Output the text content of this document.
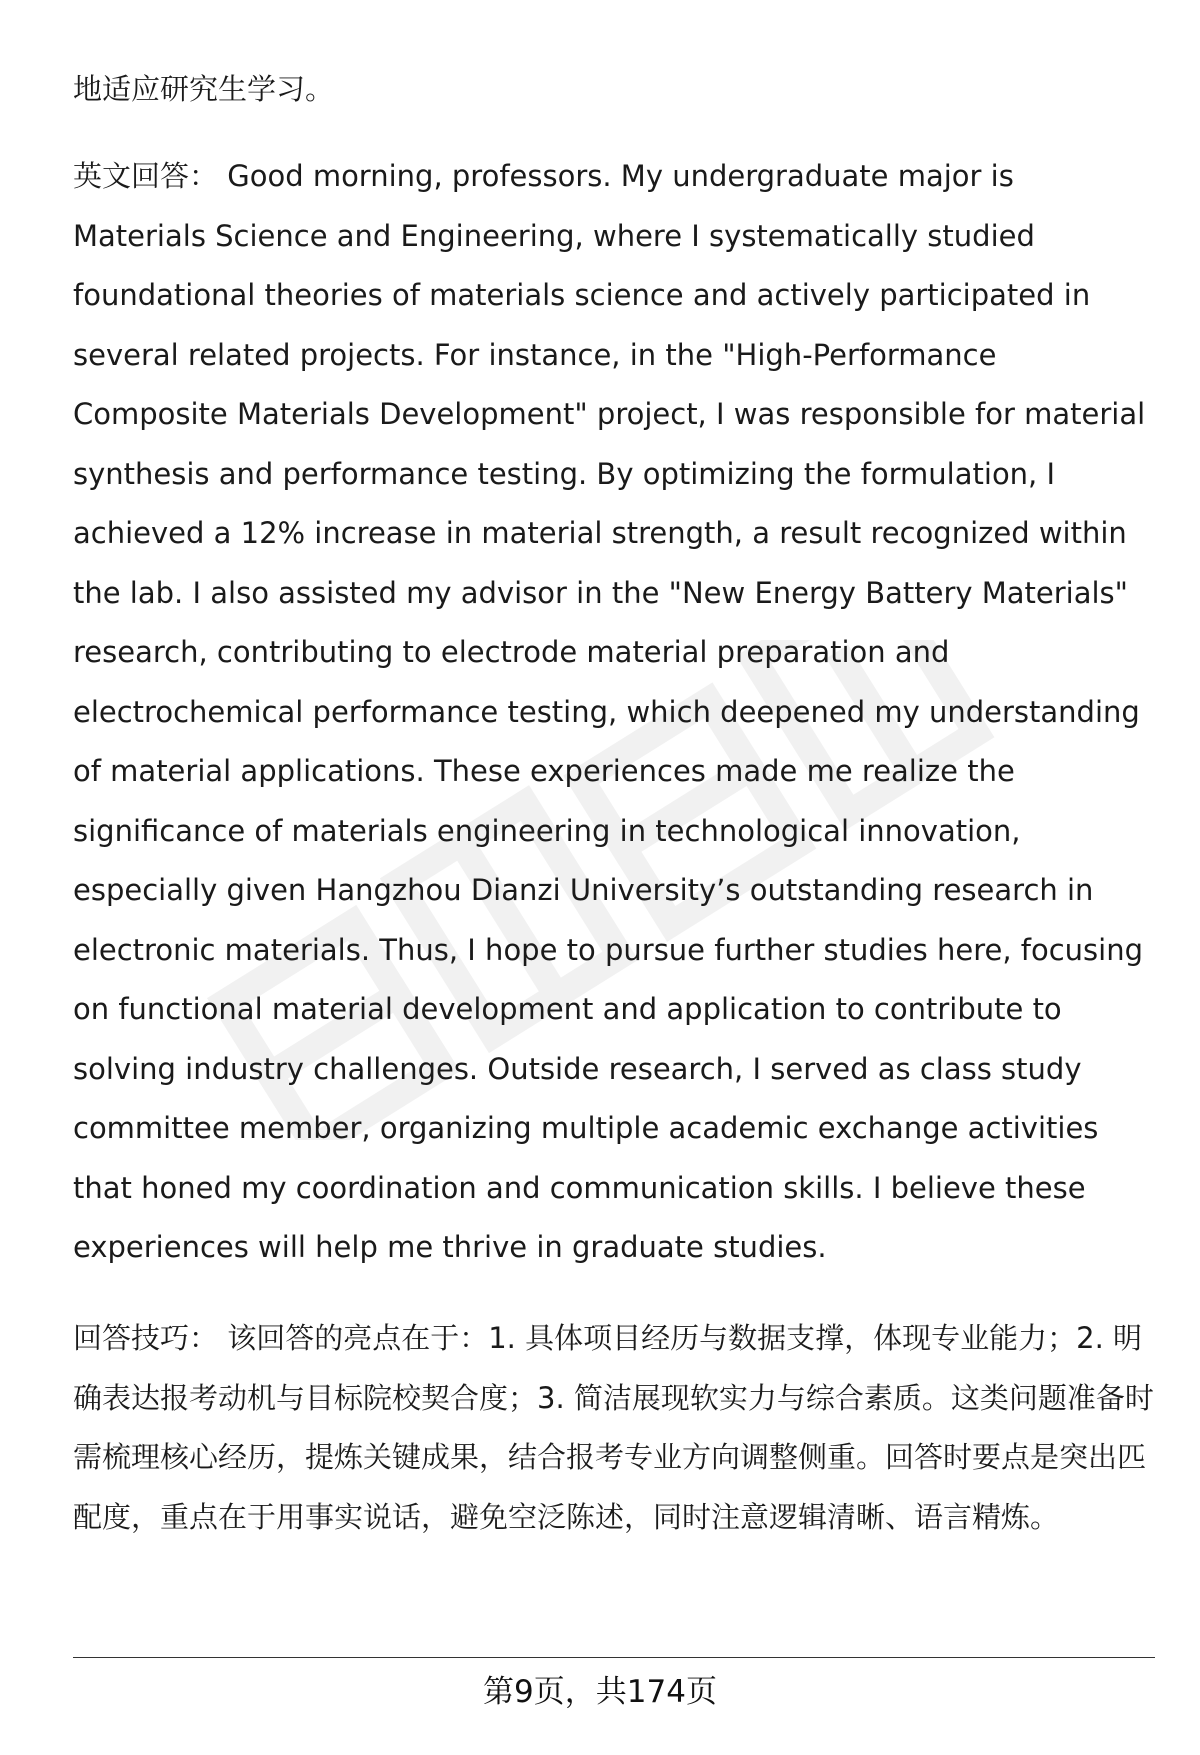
地适应研究生学习。
英文回答： Good morning, professors. My undergraduate major is Materials Science and Engineering, where I systematically studied foundational theories of materials science and actively participated in several related projects. For instance, in the "High-Performance Composite Materials Development" project, I was responsible for material synthesis and performance testing. By optimizing the formulation, I achieved a 12% increase in material strength, a result recognized within the lab. I also assisted my advisor in the "New Energy Battery Materials" research, contributing to electrode material preparation and electrochemical performance testing, which deepened my understanding of material applications. These experiences made me realize the significance of materials engineering in technological innovation, especially given Hangzhou Dianzi University’s outstanding research in electronic materials. Thus, I hope to pursue further studies here, focusing on functional material development and application to contribute to solving industry challenges. Outside research, I served as class study committee member, organizing multiple academic exchange activities that honed my coordination and communication skills. I believe these experiences will help me thrive in graduate studies.
回答技巧： 该回答的亮点在于：1. 具体项目经历与数据支撑，体现专业能力；2. 明确表达报考动机与目标院校契合度；3. 简洁展现软实力与综合素质。这类问题准备时需梳理核心经历，提炼关键成果，结合报考专业方向调整侧重。回答时要点是突出匹配度，重点在于用事实说话，避免空泛陈述，同时注意逻辑清晰、语言精炼。
第9页，共174页
